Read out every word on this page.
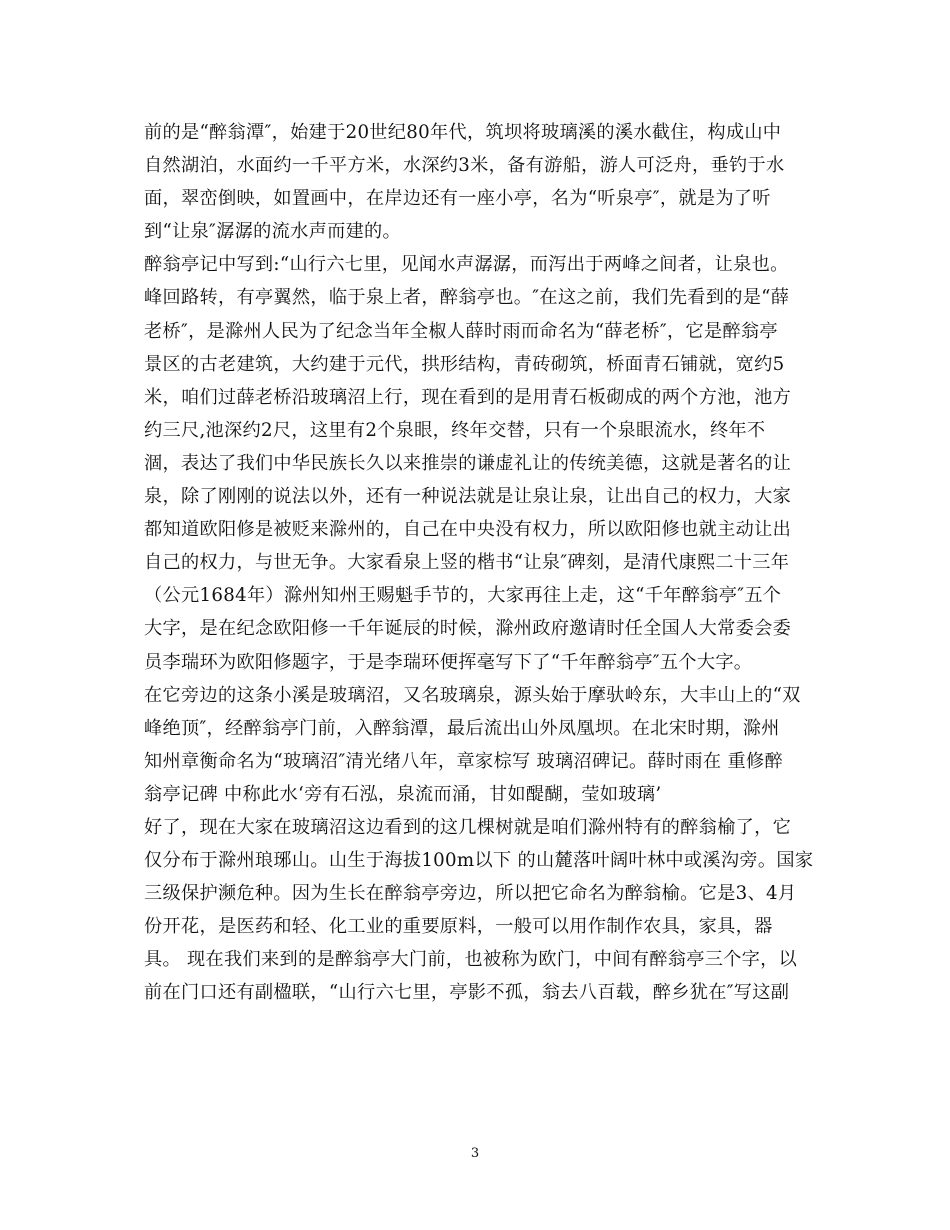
前的是“醉翁潭″，始建于20世纪80年代，筑坝将玻璃溪的溪水截住，构成山中
自然湖泊，水面约一千平方米，水深约3米，备有游船，游人可泛舟，垂钓于水
面，翠峦倒映，如置画中，在岸边还有一座小亭，名为“听泉亭″，就是为了听
到“让泉″潺潺的流水声而建的。
醉翁亭记中写到:“山行六七里，见闻水声潺潺，而泻出于两峰之间者，让泉也。
峰回路转，有亭翼然，临于泉上者，醉翁亭也。″在这之前，我们先看到的是“薛
老桥″，是滁州人民为了纪念当年全椒人薛时雨而命名为“薛老桥″，它是醉翁亭
景区的古老建筑，大约建于元代，拱形结构，青砖砌筑，桥面青石铺就，宽约5
米，咱们过薛老桥沿玻璃沼上行，现在看到的是用青石板砌成的两个方池，池方
约三尺,池深约2尺，这里有2个泉眼，终年交替，只有一个泉眼流水，终年不
涸，表达了我们中华民族长久以来推崇的谦虚礼让的传统美德，这就是著名的让
泉，除了刚刚的说法以外，还有一种说法就是让泉让泉，让出自己的权力，大家
都知道欧阳修是被贬来滁州的，自己在中央没有权力，所以欧阳修也就主动让出
自己的权力，与世无争。大家看泉上竖的楷书“让泉″碑刻，是清代康熙二十三年
（公元1684年）滁州知州王赐魁手节的，大家再往上走，这“千年醉翁亭″五个
大字，是在纪念欧阳修一千年诞辰的时候，滁州政府邀请时任全国人大常委会委
员李瑞环为欧阳修题字，于是李瑞环便挥毫写下了“千年醉翁亭″五个大字。
在它旁边的这条小溪是玻璃沼，又名玻璃泉，源头始于摩驮岭东，大丰山上的“双
峰绝顶″，经醉翁亭门前，入醉翁潭，最后流出山外凤凰坝。在北宋时期，滁州
知州章衡命名为“玻璃沼″清光绪八年，章家棕写 玻璃沼碑记。薛时雨在 重修醉
翁亭记碑 中称此水‘旁有石泓，泉流而涌，甘如醍醐，莹如玻璃’
好了，现在大家在玻璃沼这边看到的这几棵树就是咱们滁州特有的醉翁榆了，它
仅分布于滁州琅琊山。山生于海拔100m以下 的山麓落叶阔叶林中或溪沟旁。国家
三级保护濒危种。因为生长在醉翁亭旁边，所以把它命名为醉翁榆。它是3、4月
份开花，是医药和轻、化工业的重要原料，一般可以用作制作农具，家具，器
具。 现在我们来到的是醉翁亭大门前，也被称为欧门，中间有醉翁亭三个字，以
前在门口还有副楹联，“山行六七里，亭影不孤，翁去八百载，醉乡犹在″写这副
3
